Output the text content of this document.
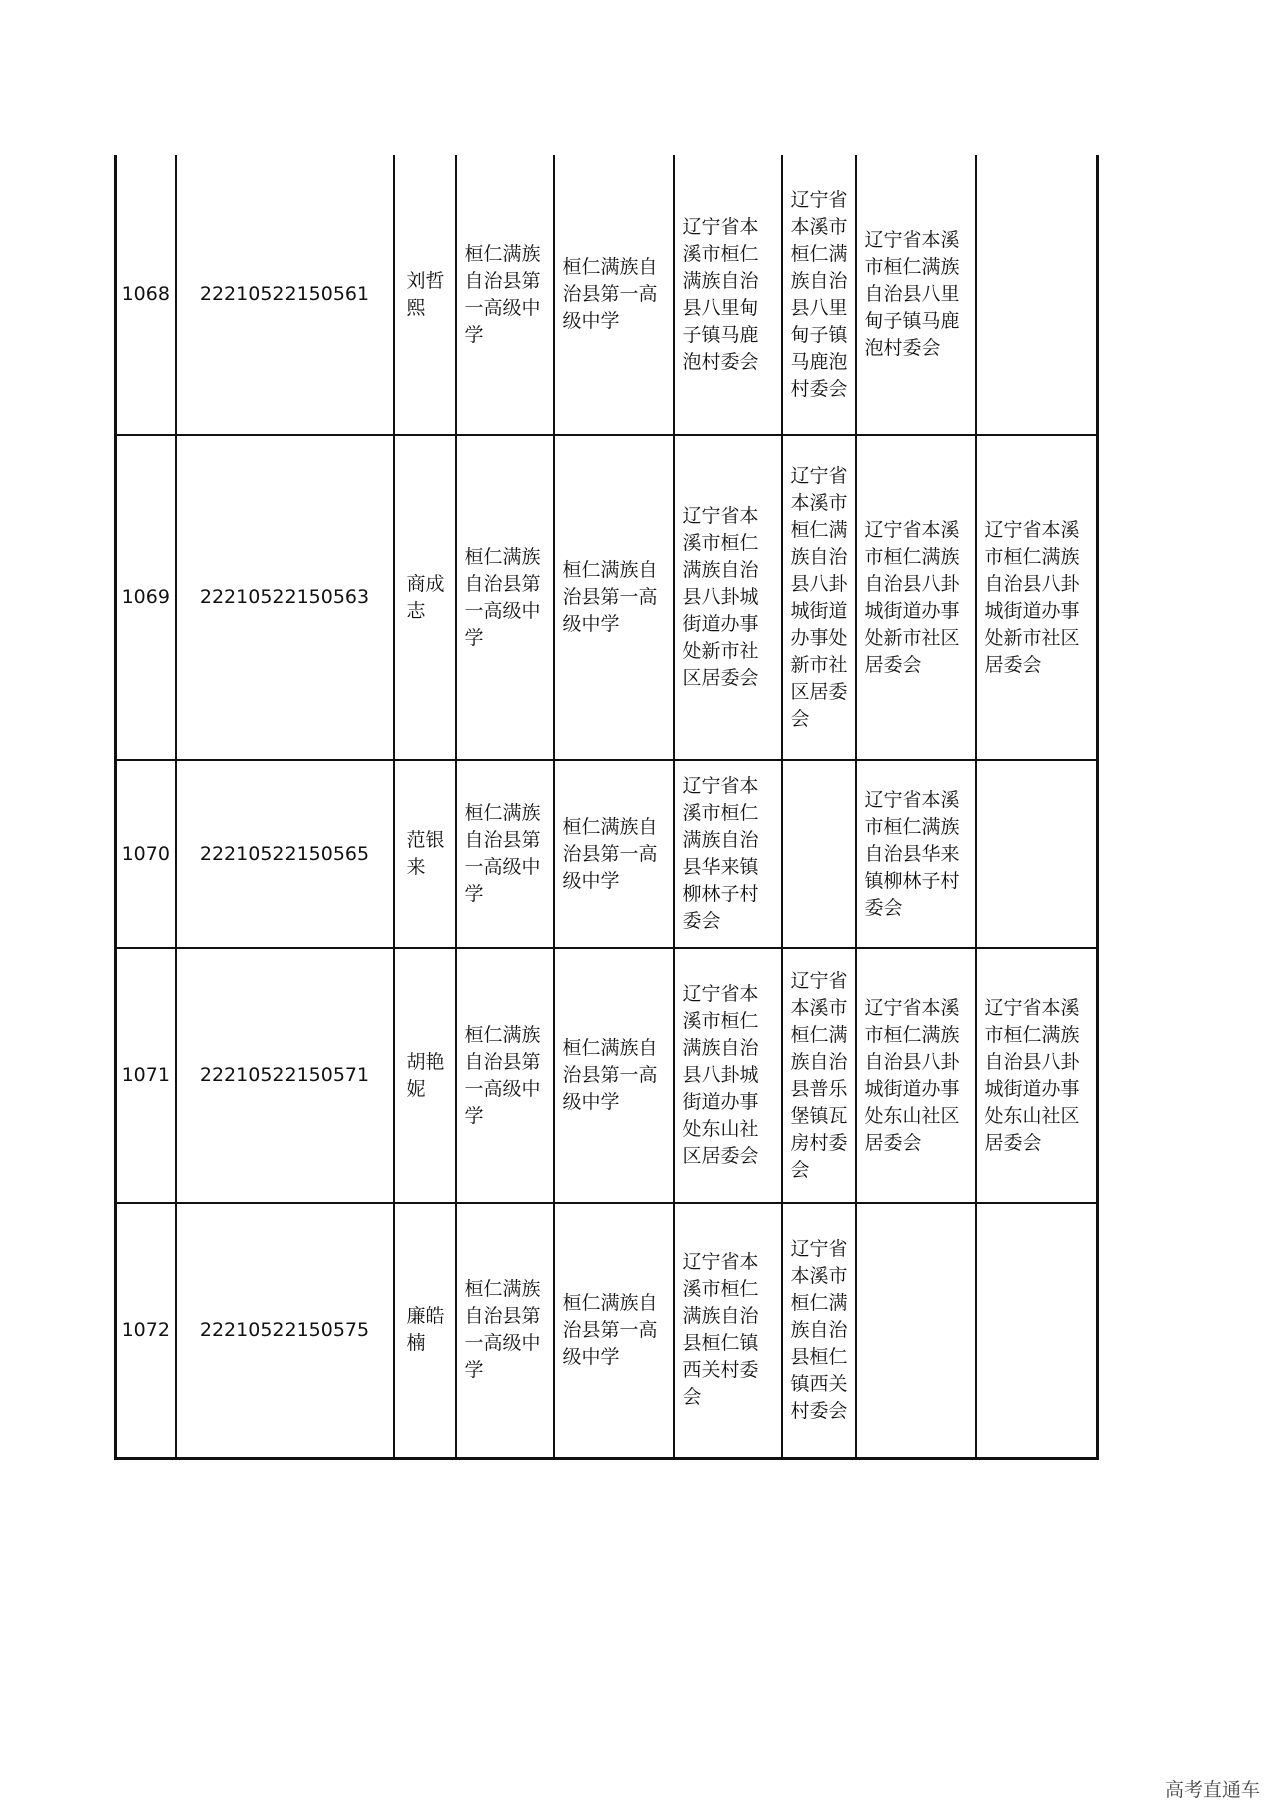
1068	22210522150561	刘哲熙	桓仁满族自治县第一高级中学	桓仁满族自治县第一高级中学	辽宁省本溪市桓仁满族自治县八里甸子镇马鹿泡村委会	辽宁省本溪市桓仁满族自治县八里甸子镇马鹿泡村委会	辽宁省本溪市桓仁满族自治县八里甸子镇马鹿泡村委会	

1069	22210522150563	商成志	桓仁满族自治县第一高级中学	桓仁满族自治县第一高级中学	辽宁省本溪市桓仁满族自治县八卦城街道办事处新市社区居委会	辽宁省本溪市桓仁满族自治县八卦城街道办事处新市社区居委会	辽宁省本溪市桓仁满族自治县八卦城街道办事处新市社区居委会	辽宁省本溪市桓仁满族自治县八卦城街道办事处新市社区居委会

1070	22210522150565	范银来	桓仁满族自治县第一高级中学	桓仁满族自治县第一高级中学	辽宁省本溪市桓仁满族自治县华来镇柳林子村委会		辽宁省本溪市桓仁满族自治县华来镇柳林子村委会	

1071	22210522150571	胡艳妮	桓仁满族自治县第一高级中学	桓仁满族自治县第一高级中学	辽宁省本溪市桓仁满族自治县八卦城街道办事处东山社区居委会	辽宁省本溪市桓仁满族自治县普乐堡镇瓦房村委会	辽宁省本溪市桓仁满族自治县八卦城街道办事处东山社区居委会	辽宁省本溪市桓仁满族自治县八卦城街道办事处东山社区居委会

1072	22210522150575	廉皓楠	桓仁满族自治县第一高级中学	桓仁满族自治县第一高级中学	辽宁省本溪市桓仁满族自治县桓仁镇西关村委会	辽宁省本溪市桓仁满族自治县桓仁镇西关村委会		

高考直通车
